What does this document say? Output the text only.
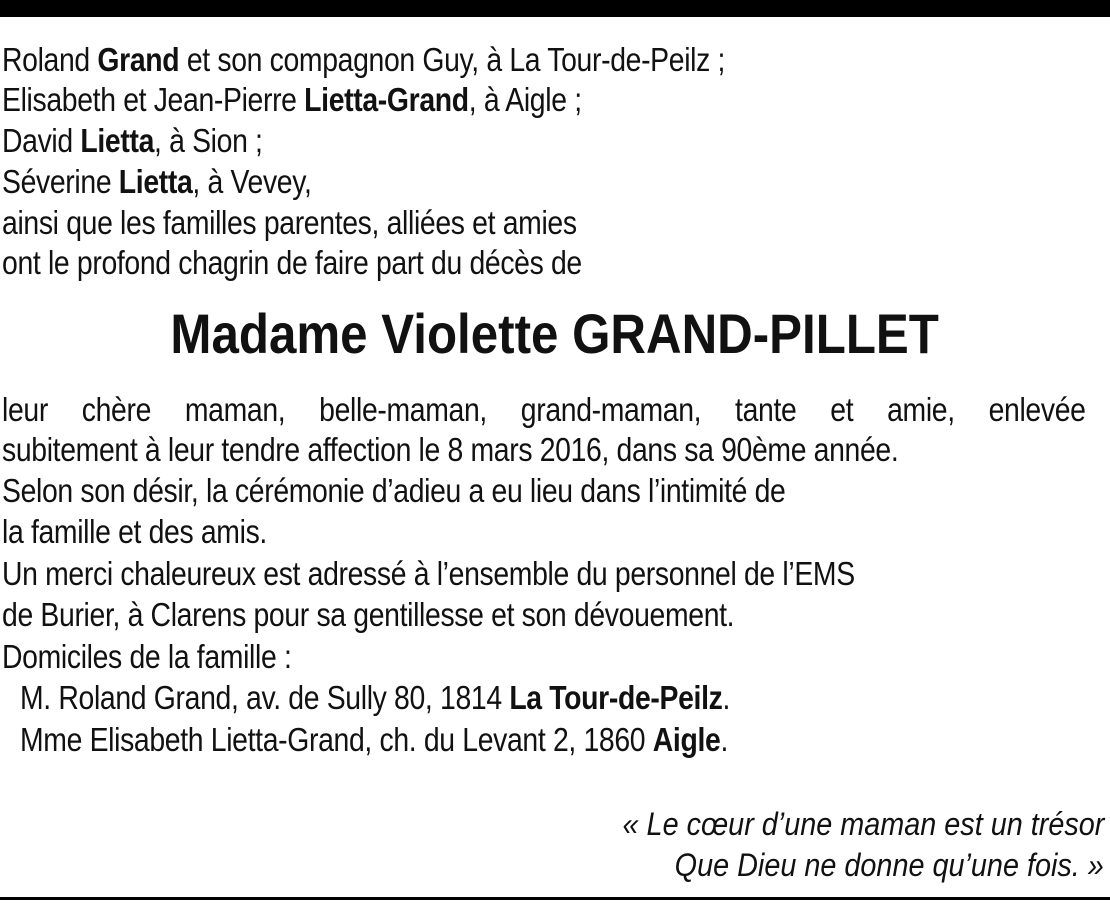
Roland Grand et son compagnon Guy, à La Tour-de-Peilz ;
Elisabeth et Jean-Pierre Lietta-Grand, à Aigle ;
David Lietta, à Sion ;
Séverine Lietta, à Vevey,
ainsi que les familles parentes, alliées et amies
ont le profond chagrin de faire part du décès de
Madame Violette GRAND-PILLET
leur chère maman, belle-maman, grand-maman, tante et amie, enlevée
subitement à leur tendre affection le 8 mars 2016, dans sa 90ème année.
Selon son désir, la cérémonie d’adieu a eu lieu dans l’intimité de
la famille et des amis.
Un merci chaleureux est adressé à l’ensemble du personnel de l’EMS
de Burier, à Clarens pour sa gentillesse et son dévouement.
Domiciles de la famille :
M. Roland Grand, av. de Sully 80, 1814 La Tour-de-Peilz.
Mme Elisabeth Lietta-Grand, ch. du Levant 2, 1860 Aigle.
« Le cœur d’une maman est un trésor
Que Dieu ne donne qu’une fois. »
